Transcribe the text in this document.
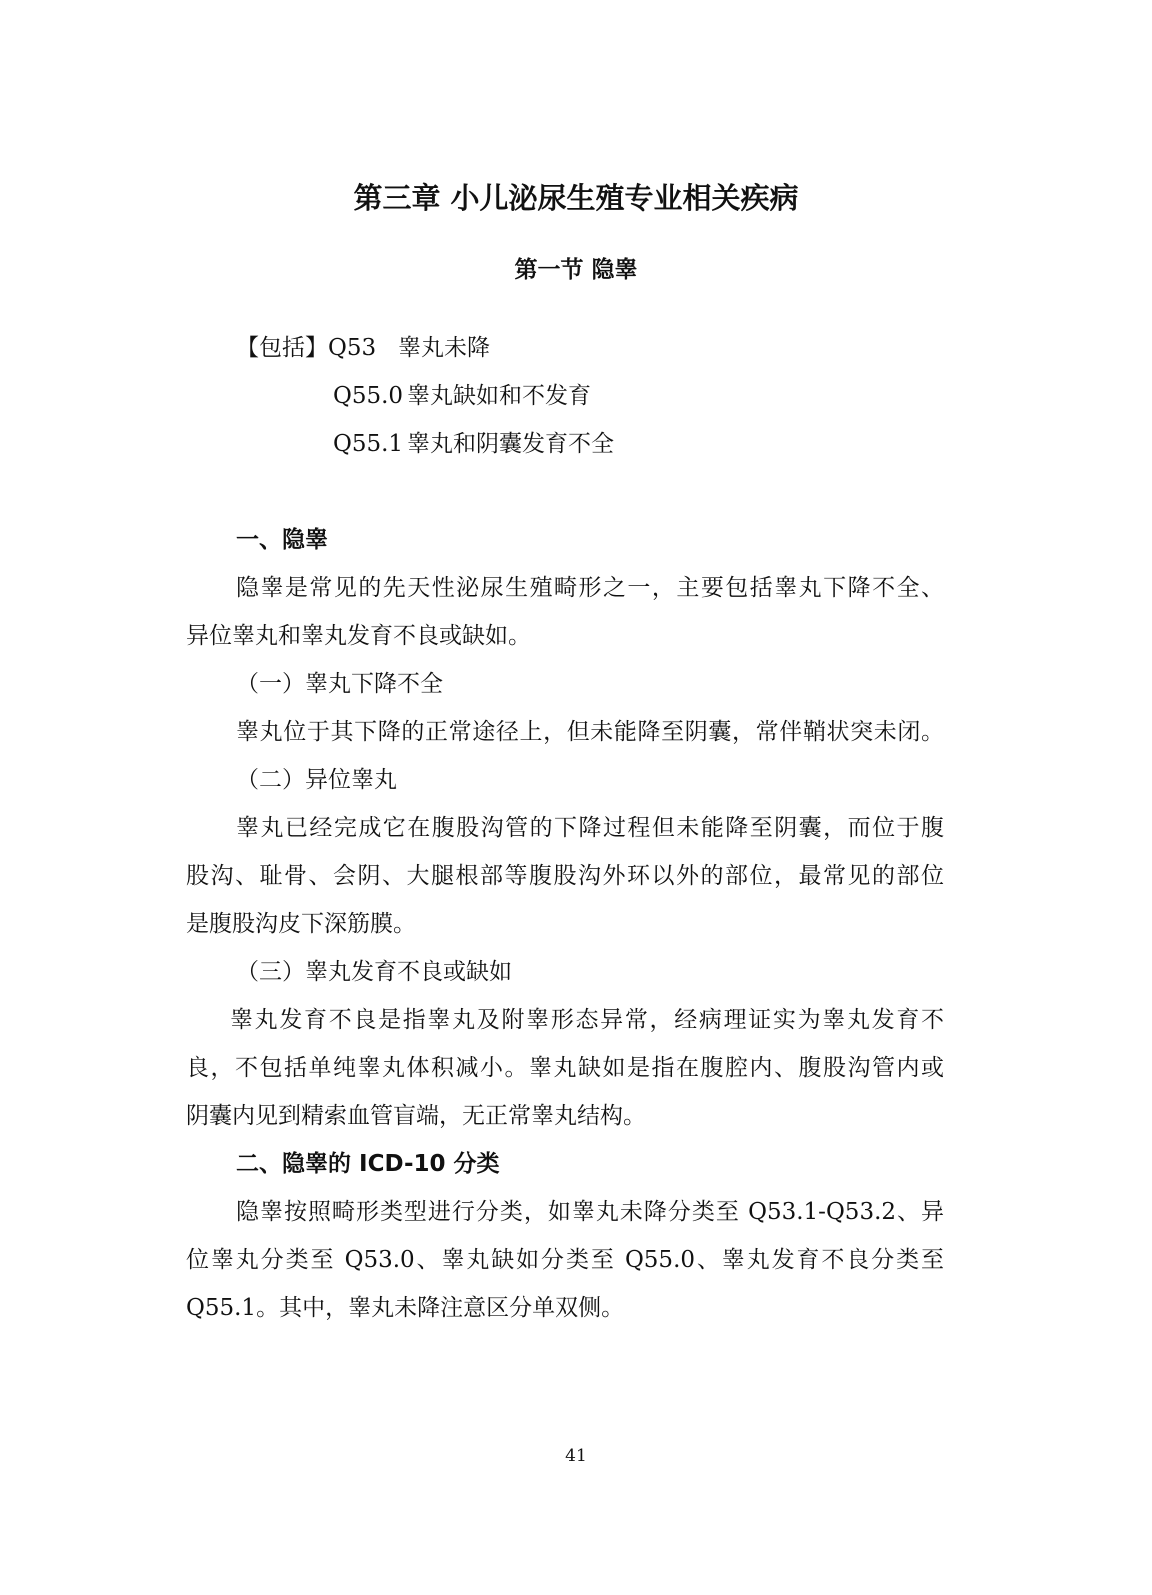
第三章 小儿泌尿生殖专业相关疾病
第一节 隐睾
【包括】Q53 睾丸未降
Q55.0 睾丸缺如和不发育
Q55.1 睾丸和阴囊发育不全
一、隐睾
隐睾是常见的先天性泌尿生殖畸形之一，主要包括睾丸下降不全、
异位睾丸和睾丸发育不良或缺如。
（一）睾丸下降不全
睾丸位于其下降的正常途径上，但未能降至阴囊，常伴鞘状突未闭。
（二）异位睾丸
睾丸已经完成它在腹股沟管的下降过程但未能降至阴囊，而位于腹
股沟、耻骨、会阴、大腿根部等腹股沟外环以外的部位，最常见的部位
是腹股沟皮下深筋膜。
（三）睾丸发育不良或缺如
睾丸发育不良是指睾丸及附睾形态异常，经病理证实为睾丸发育不
良，不包括单纯睾丸体积减小。睾丸缺如是指在腹腔内、腹股沟管内或
阴囊内见到精索血管盲端，无正常睾丸结构。
二、隐睾的 ICD-10 分类
隐睾按照畸形类型进行分类，如睾丸未降分类至 Q53.1-Q53.2、异
位睾丸分类至 Q53.0、睾丸缺如分类至 Q55.0、睾丸发育不良分类至
Q55.1。其中，睾丸未降注意区分单双侧。
41
